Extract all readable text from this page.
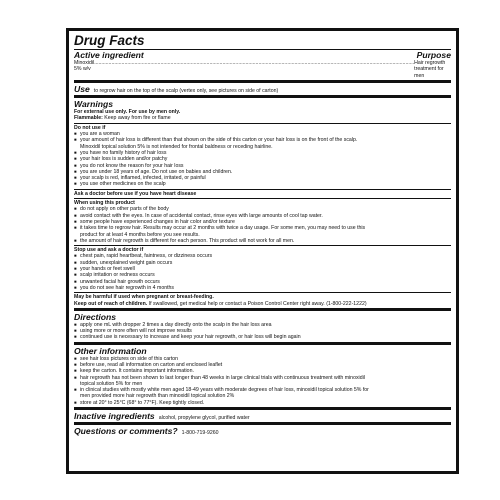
Drug Facts
Active ingredient	Purpose
Minoxidil 5% w/v
.............................................................................................................................................................................................................................. Hair regrowth treatment for men
Use to regrow hair on the top of the scalp (vertex only, see pictures on side of carton)
Warnings
For external use only. For use by men only.
Flammable: Keep away from fire or flame
Do not use if
■ you are a woman
■ your amount of hair loss is different than that shown on the side of this carton or your hair loss is on the front of the scalp.
Minoxidil topical solution 5% is not intended for frontal baldness or receding hairline.
■ you have no family history of hair loss
■ your hair loss is sudden and/or patchy
■ you do not know the reason for your hair loss
■ you are under 18 years of age. Do not use on babies and children.
■ your scalp is red, inflamed, infected, irritated, or painful
■ you use other medicines on the scalp
Ask a doctor before use if you have heart disease
When using this product
■ do not apply on other parts of the body
■ avoid contact with the eyes. In case of accidental contact, rinse eyes with large amounts of cool tap water.
■ some people have experienced changes in hair color and/or texture
■ it takes time to regrow hair. Results may occur at 2 months with twice a day usage. For some men, you may need to use this
product for at least 4 months before you see results.
■ the amount of hair regrowth is different for each person. This product will not work for all men.
Stop use and ask a doctor if
■ chest pain, rapid heartbeat, faintness, or dizziness occurs
■ sudden, unexplained weight gain occurs
■ your hands or feet swell
■ scalp irritation or redness occurs
■ unwanted facial hair growth occurs
■ you do not see hair regrowth in 4 months
May be harmful if used when pregnant or breast-feeding.
Keep out of reach of children. If swallowed, get medical help or contact a Poison Control Center right away. (1-800-222-1222)
Directions
■ apply one mL with dropper 2 times a day directly onto the scalp in the hair loss area
■ using more or more often will not improve results
■ continued use is necessary to increase and keep your hair regrowth, or hair loss will begin again
Other information
■ see hair loss pictures on side of this carton
■ before use, read all information on carton and enclosed leaflet
■ keep the carton. It contains important information.
■ hair regrowth has not been shown to last longer than 48 weeks in large clinical trials with continuous treatment with minoxidil
topical solution 5% for men
■ in clinical studies with mostly white men aged 18-49 years with moderate degrees of hair loss, minoxidil topical solution 5% for
men provided more hair regrowth than minoxidil topical solution 2%
■ store at 20° to 25°C (68° to 77°F). Keep tightly closed.
Inactive ingredients alcohol, propylene glycol, purified water
Questions or comments? 1-800-719-9260
